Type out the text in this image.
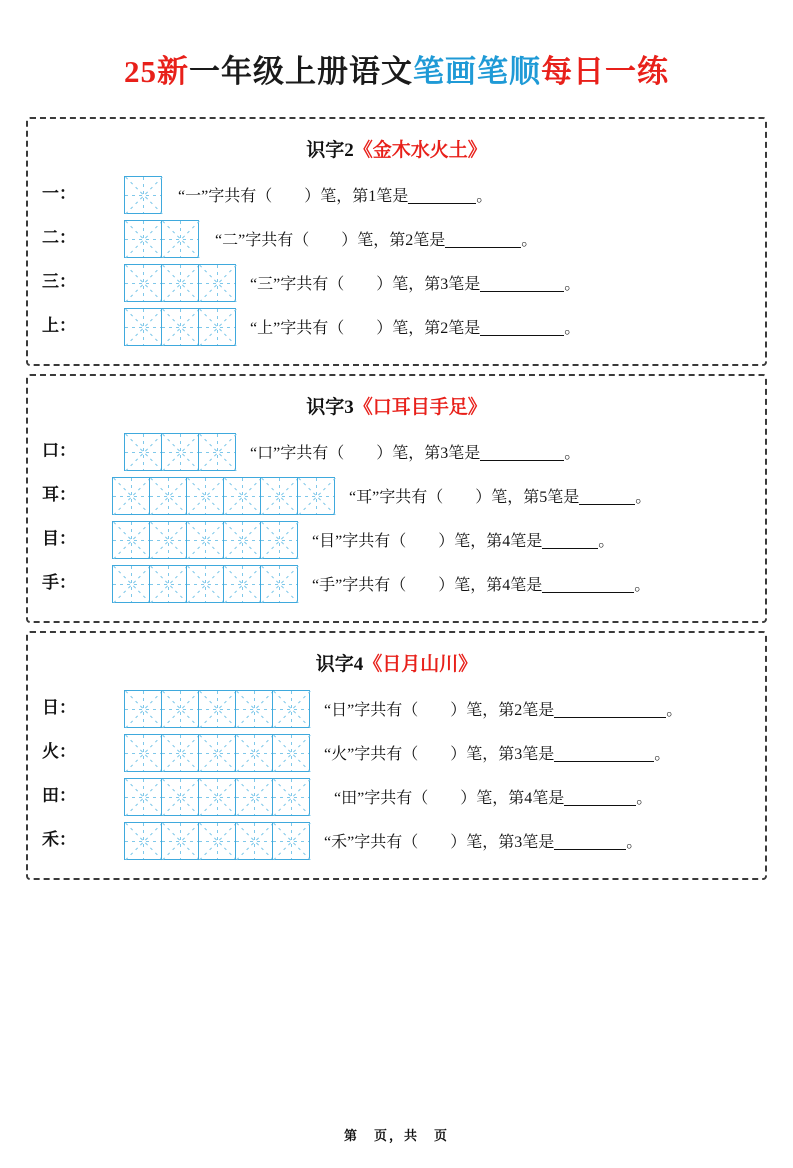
25新一年级上册语文笔画笔顺每日一练
识字2《金木水火土》
一：	“一”字共有（　　）笔，第1笔是	。
二：	“二”字共有（　　）笔，第2笔是	。
三：	“三”字共有（　　）笔，第3笔是	。
上：	“上”字共有（　　）笔，第2笔是	。
识字3《口耳目手足》
口：	“口”字共有（　　）笔，第3笔是	。
耳：	“耳”字共有（　　）笔，第5笔是	。
目：	“目”字共有（　　）笔，第4笔是	。
手：	“手”字共有（　　）笔，第4笔是	。
识字4《日月山川》
日：	“日”字共有（　　）笔，第2笔是	。
火：	“火”字共有（　　）笔，第3笔是	。
田：	“田”字共有（　　）笔，第4笔是	。
禾：	“禾”字共有（　　）笔，第3笔是	。
第　页，共　页
